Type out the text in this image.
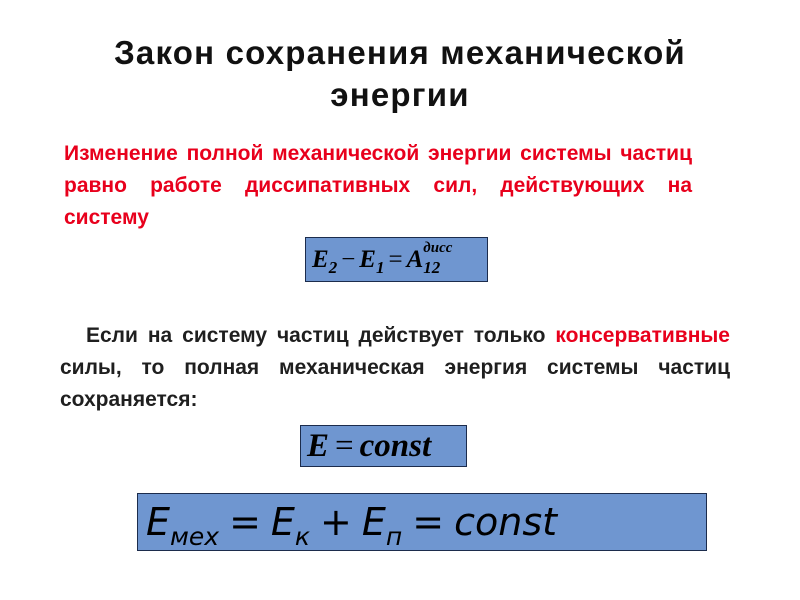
Закон сохранения механической энергии
Изменение полной механической энергии системы частиц равно работе диссипативных сил, действующих на систему
$E_2 - E_1 = A$ дисс
12
Если на систему частиц действует только консервативные силы, то полная механическая энергия системы частиц сохраняется:
E = const
$E_{мех} = E_к + E_п$ = const
